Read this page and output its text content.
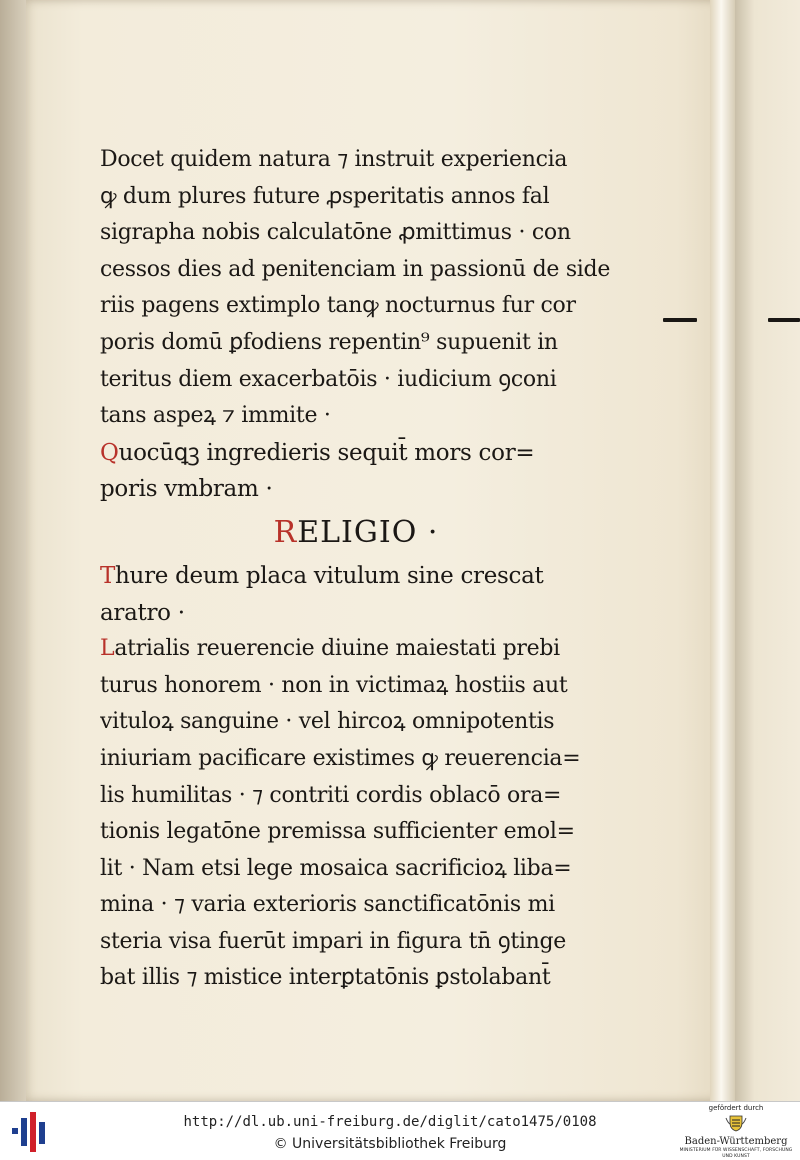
Docet quidem natura ⁊ instruit experiencia
ꝙ dum plures future ꝓsperitatis annos fal
sigrapha nobis calculatōne ꝓmittimus · con
cessos dies ad penitenciam in passionū de side
riis pagens extimplo tanꝙ nocturnus fur cor
poris domū ꝑfodiens repentin⁹ supuenit in
teritus diem exacerbatōis · iudicium ꝯconi
tans aspeꝝ ⁊ immite ·
Quocūꝗꝫ ingredieris sequit̄ mors cor=
poris vmbram ·
RELIGIO ·
Thure deum placa vitulum sine crescat
aratro ·
Latrialis reuerencie diuine maiestati prebi
turus honorem · non in victimaꝝ hostiis aut
vituloꝝ sanguine · vel hircoꝝ omnipotentis
iniuriam pacificare existimes ꝙ reuerencia=
lis humilitas · ⁊ contriti cordis oblacō ora=
tionis legatōne premissa sufficienter emol=
lit · Nam etsi lege mosaica sacrificioꝝ liba=
mina · ⁊ varia exterioris sanctificatōnis mi
steria visa fuerūt impari in figura tn̄ ꝯtinge
bat illis ⁊ mistice interꝑtatōnis ꝑstolabant̄
http://dl.ub.uni-freiburg.de/diglit/cato1475/0108
© Universitätsbibliothek Freiburg
gefördert durch
Baden-Württemberg
MINISTERIUM FÜR WISSENSCHAFT, FORSCHUNG UND KUNST
